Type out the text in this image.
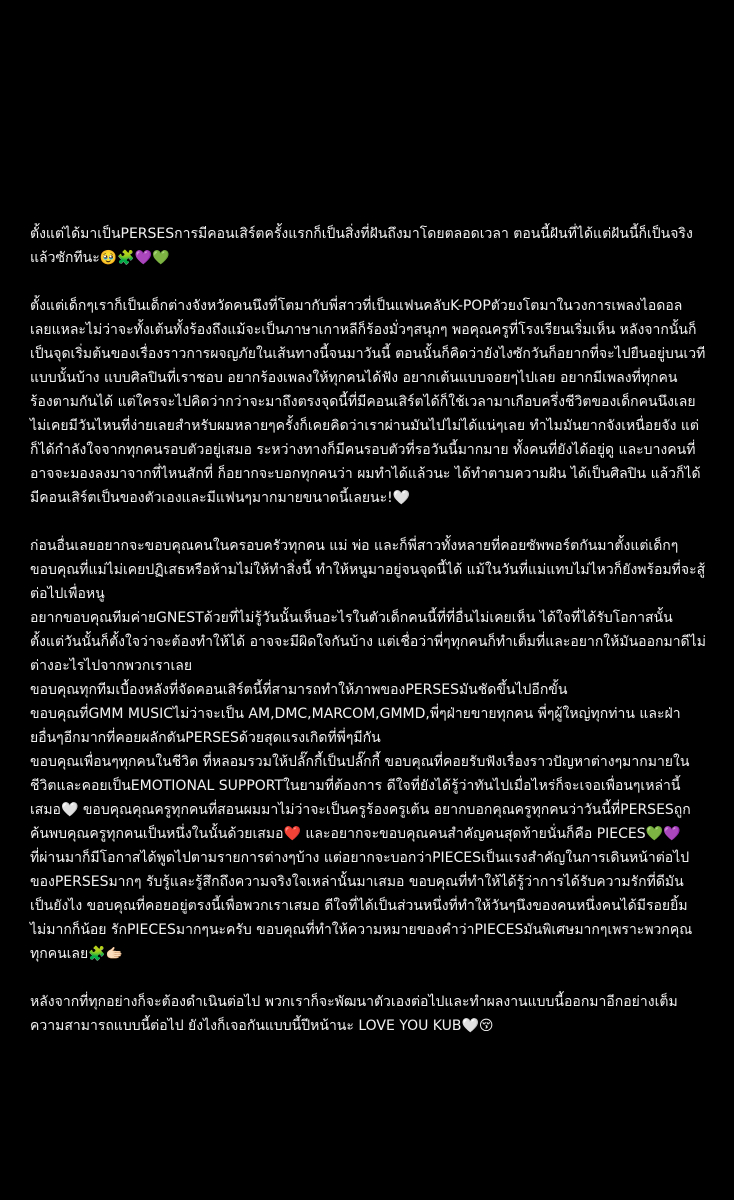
ตั้งแต่ได้มาเป็นPERSESการมีคอนเสิร์ตครั้งแรกก็เป็นสิ่งที่ฝันถึงมาโดยตลอดเวลา ตอนนี้ฝันที่ได้แต่ฝันนี้ก็เป็นจริง
แล้วซักทีนะ🥹🧩💜💚
ตั้งแต่เด็กๆเราก็เป็นเด็กต่างจังหวัดคนนึงที่โตมากับพี่สาวที่เป็นแฟนคลับK-POPตัวยงโตมาในวงการเพลงไอดอล
เลยแหละไม่ว่าจะทั้งเต้นทั้งร้องถึงแม้จะเป็นภาษาเกาหลีก็ร้องมั่วๆสนุกๆ พอคุณครูที่โรงเรียนเริ่มเห็น หลังจากนั้นก็
เป็นจุดเริ่มต้นของเรื่องราวการผจญภัยในเส้นทางนี้จนมาวันนี้ ตอนนั้นก็คิดว่ายังไงซักวันก็อยากที่จะไปยืนอยู่บนเวที
แบบนั้นบ้าง แบบศิลปินที่เราชอบ อยากร้องเพลงให้ทุกคนได้ฟัง อยากเต้นแบบจอยๆไปเลย อยากมีเพลงที่ทุกคน
ร้องตามกันได้ แต่ใครจะไปคิดว่ากว่าจะมาถึงตรงจุดนี้ที่มีคอนเสิร์ตได้ก็ใช้เวลามาเกือบครึ่งชีวิตของเด็กคนนึงเลย
ไม่เคยมีวันไหนที่ง่ายเลยสำหรับผมหลายๆครั้งก็เคยคิดว่าเราผ่านมันไปไม่ได้แน่ๆเลย ทำไมมันยากจังเหนื่อยจัง แต่
ก็ได้กำลังใจจากทุกคนรอบตัวอยู่เสมอ ระหว่างทางก็มีคนรอบตัวที่รอวันนี้มากมาย ทั้งคนที่ยังได้อยู่ดู และบางคนที่
อาจจะมองลงมาจากที่ไหนสักที่ ก็อยากจะบอกทุกคนว่า ผมทำได้แล้วนะ ได้ทำตามความฝัน ได้เป็นศิลปิน แล้วก็ได้
มีคอนเสิร์ตเป็นของตัวเองและมีแฟนๆมากมายขนาดนี้เลยนะ!🤍
ก่อนอื่นเลยอยากจะขอบคุณคนในครอบครัวทุกคน แม่ พ่อ และก็พี่สาวทั้งหลายที่คอยซัพพอร์ตกันมาตั้งแต่เด็กๆ
ขอบคุณที่แม่ไม่เคยปฏิเสธหรือห้ามไม่ให้ทำสิ่งนี้ ทำให้หนูมาอยู่จนจุดนี้ได้ แม้ในวันที่แม่แทบไม่ไหวก็ยังพร้อมที่จะสู้
ต่อไปเพื่อหนู
อยากขอบคุณทีมค่ายGNESTด้วยที่ไม่รู้วันนั้นเห็นอะไรในตัวเด็กคนนี้ที่ที่อื่นไม่เคยเห็น ได้ใจที่ได้รับโอกาสนั้น
ตั้งแต่วันนั้นก็ตั้งใจว่าจะต้องทำให้ได้ อาจจะมีผิดใจกันบ้าง แต่เชื่อว่าพี่ๆทุกคนก็ทำเต็มที่และอยากให้มันออกมาดีไม่
ต่างอะไรไปจากพวกเราเลย
ขอบคุณทุกทีมเบื้องหลังที่จัดคอนเสิร์ตนี้ที่สามารถทำให้ภาพของPERSESมันชัดขึ้นไปอีกขั้น
ขอบคุณที่GMM MUSICไม่ว่าจะเป็น AM,DMC,MARCOM,GMMD,พี่ๆฝ่ายขายทุกคน พี่ๆผู้ใหญ่ทุกท่าน และฝ่า
ยอื่นๆอีกมากที่คอยผลักดันPERSESด้วยสุดแรงเกิดที่พี่ๆมีกัน
ขอบคุณเพื่อนๆทุกคนในชีวิต ที่หลอมรวมให้ปลั๊กกี้เป็นปลั๊กกี้ ขอบคุณที่คอยรับฟังเรื่องราวปัญหาต่างๆมากมายใน
ชีวิตและคอยเป็นEMOTIONAL SUPPORTในยามที่ต้องการ ดีใจที่ยังได้รู้ว่าทันไปเมื่อไหร่ก็จะเจอเพื่อนๆเหล่านี้
เสมอ🤍 ขอบคุณคุณครูทุกคนที่สอนผมมาไม่ว่าจะเป็นครูร้องครูเต้น อยากบอกคุณครูทุกคนว่าวันนี้ที่PERSESถูก
ค้นพบคุณครูทุกคนเป็นหนึ่งในนั้นด้วยเสมอ❤️ และอยากจะขอบคุณคนสำคัญคนสุดท้ายนั่นก็คือ PIECES💚💜
ที่ผ่านมาก็มีโอกาสได้พูดไปตามรายการต่างๆบ้าง แต่อยากจะบอกว่าPIECESเป็นแรงสำคัญในการเดินหน้าต่อไป
ของPERSESมากๆ รับรู้และรู้สึกถึงความจริงใจเหล่านั้นมาเสมอ ขอบคุณที่ทำให้ได้รู้ว่าการได้รับความรักที่ดีมัน
เป็นยังไง ขอบคุณที่คอยอยู่ตรงนี้เพื่อพวกเราเสมอ ดีใจที่ได้เป็นส่วนหนึ่งที่ทำให้วันๆนึงของคนหนึ่งคนได้มีรอยยิ้ม
ไม่มากก็น้อย รักPIECESมากๆนะครับ ขอบคุณที่ทำให้ความหมายของคำว่าPIECESมันพิเศษมากๆเพราะพวกคุณ
ทุกคนเลย🧩🫱🏻
หลังจากที่ทุกอย่างก็จะต้องดำเนินต่อไป พวกเราก็จะพัฒนาตัวเองต่อไปและทำผลงานแบบนี้ออกมาอีกอย่างเต็ม
ความสามารถแบบนี้ต่อไป ยังไงก็เจอกันแบบนี้ปีหน้านะ LOVE YOU KUB🤍😚
